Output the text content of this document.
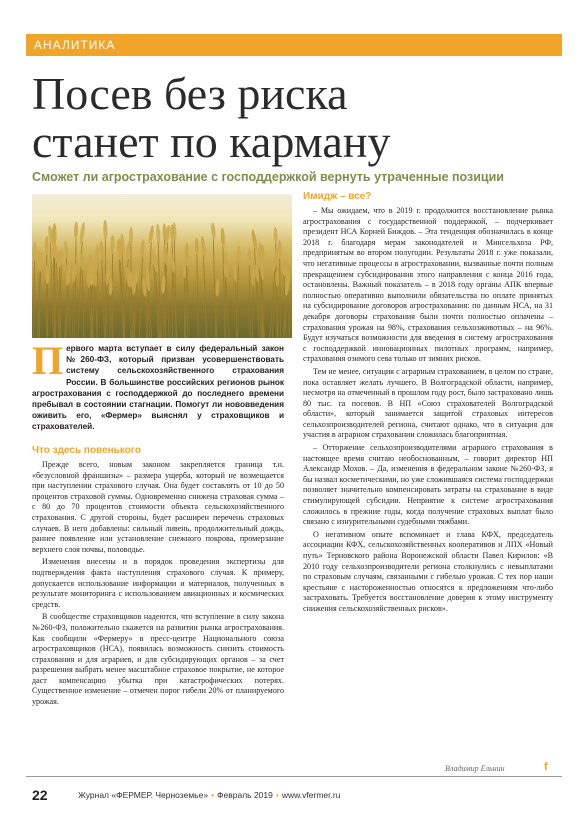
АНАЛИТИКА
Посев без риска
станет по карману

Сможет ли агрострахование с господдержкой вернуть утраченные позиции

Первого марта вступает в силу федеральный закон №260-ФЗ, который призван усовершенствовать систему сельскохозяйственного страхования России. В большинстве российских регионов рынок агрострахования с господдержкой до последнего времени пребывал в состоянии стагнации. Помогут ли нововведения оживить его, «Фермер» выяснял у страховщиков и страхователей.

Что здесь повенького

Прежде всего, новым законом закрепляется граница т.н. «безусловной франшизы» – размера ущерба, который не возмещается при наступлении страхового случая. Она будет составлять от 10 до 50 процентов страховой суммы. Одновременно снижена страховая сумма – с 80 до 70 процентов стоимости объекта сельскохозяйственного страхования. С другой стороны, будет расширен перечень страховых случаев. В него добавлены: сильный ливень, продолжительный дождь, раннее появление или установление снежного покрова, промерзание верхнего слоя почвы, половодье.

Изменения внесены и в порядок проведения экспертизы для подтверждения факта наступления страхового случая. К примеру, допускается использование информации и материалов, полученных в результате мониторинга с использованием авиационных и космических средств.

В сообществе страховщиков надеются, что вступление в силу закона №260-ФЗ, положительно скажется на развитии рынка агрострахования. Как сообщили «Фермеру» в пресс-центре Национального союза агростраховщиков (НСА), появилась возможность снизить стоимость страхования и для аграриев, и для субсидирующих органов – за счет разрешения выбрать менее масштабное страховое покрытие, не которое даст компенсацию убытка при катастрофических потерях. Существенное изменение – отмечен порог гибели 20% от планируемого урожая.

Имидж – все?

– Мы ожидаем, что в 2019 г. продолжится восстановление рынка агрострахования с государственной поддержкой, – подчеркивает президент НСА Корней Биждов. – Эта тенденция обозначилась в конце 2018 г. благодаря мерам законодателей и Минсельхоза РФ, предпринятым во втором полугодии. Результаты 2018 г. уже показали, что негативные процессы в агростраховании, вызванные почти полным прекращением субсидирования этого направления с конца 2016 года, остановлены. Важный показатель – в 2018 году органы АПК впервые полностью оперативно выполнили обязательства по оплате принятых на субсидирование договоров агрострахования: по данным НСА, на 31 декабря договоры страхования были почти полностью оплачены – страхования урожая на 98%, страхования сельхозживотных – на 96%. Будут изучаться возможности для введения в систему агрострахования с господдержкой инновационных пилотных программ, например, страхования озимого сева только от зимних рисков.

Тем не менее, ситуация с аграрным страхованием, в целом по стране, пока оставляет желать лучшего. В Волгоградской области, например, несмотря на отмеченный в прошлом году рост, было застраховано лишь 80 тыс. га посевов. В НП «Союз страхователей Волгоградской области», который занимается защитой страховых интересов сельхозпроизводителей региона, считают однако, что в ситуация для участия в аграрном страховании сложилась благоприятная.

– Отторжение сельхозпроизводителями аграрного страхования в настоящее время считаю необоснованным, – говорит директор НП Александр Мохов. – Да, изменения в федеральном законе №260-ФЗ, я бы назвал косметическими, но уже сложившаяся система господдержки позволяет значительно компенсировать затраты на страхование в виде стимулирующей субсидии. Неприятие к системе агрострахования сложилось в прежние годы, когда получение страховых выплат было связано с изнурительными судебными тяжбами.

О негативном опыте вспоминает и глава КФХ, председатель ассоциации КФХ, сельскохозяйственных кооперативов и ЛПХ «Новый путь» Терновского района Воронежской области Павел Кирилов: «В 2010 году сельхозпроизводители региона столкнулись с невыплатами по страховым случаям, связанными с гибелью урожая. С тех пор наши крестьяне с настороженностью относятся к предложениям что-либо застраховать. Требуется восстановление доверия к этому инструменту снижения сельскохозяйственных рисков».

Владимир Ельнин	f
22	Журнал «ФЕРМЕР. Черноземье» • Февраль 2019 • www.vfermer.ru
